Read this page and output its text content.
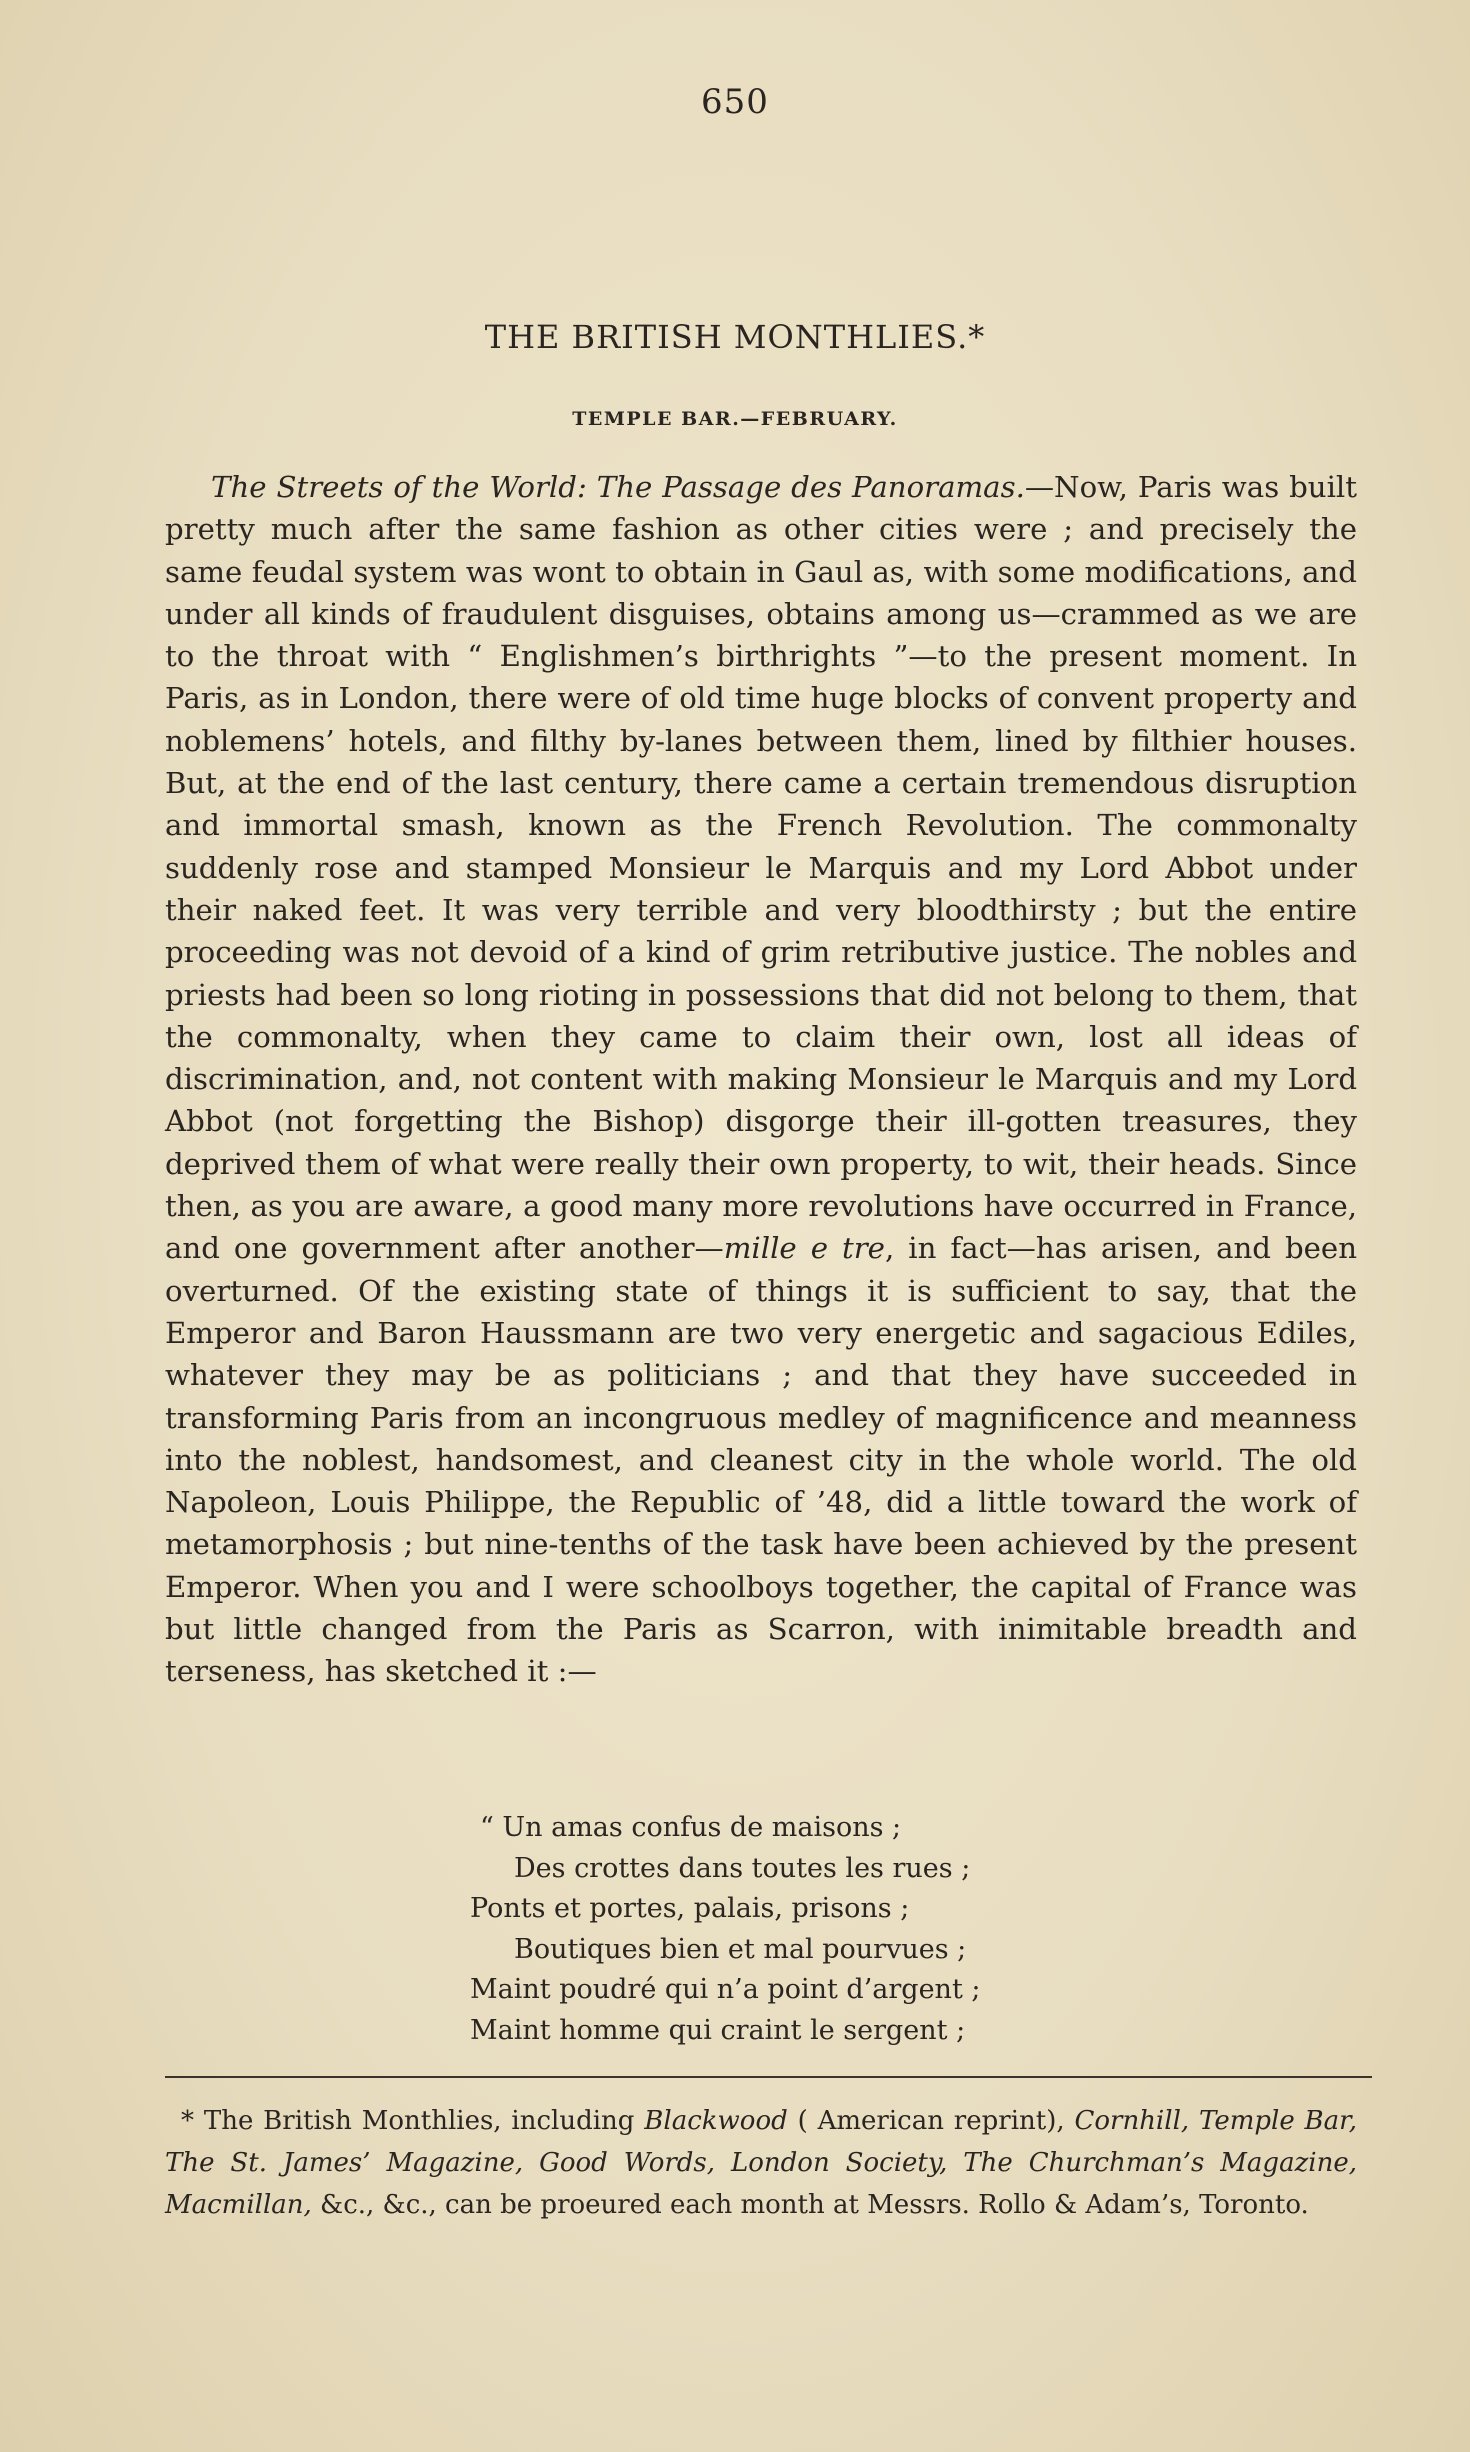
650
THE BRITISH MONTHLIES.*
TEMPLE BAR.—FEBRUARY.

The Streets of the World: The Passage des Panoramas.—Now, Paris was built pretty much after the same fashion as other cities were ; and precisely the same feudal system was wont to obtain in Gaul as, with some modifications, and under all kinds of fraudulent disguises, obtains among us—crammed as we are to the throat with “ Englishmen’s birthrights ”—to the present moment. In Paris, as in London, there were of old time huge blocks of convent property and noblemens’ hotels, and filthy by-lanes between them, lined by filthier houses. But, at the end of the last century, there came a certain tremendous disruption and immortal smash, known as the French Revolution. The commonalty suddenly rose and stamped Monsieur le Marquis and my Lord Abbot under their naked feet. It was very terrible and very bloodthirsty ; but the entire proceeding was not devoid of a kind of grim retributive justice. The nobles and priests had been so long rioting in possessions that did not belong to them, that the commonalty, when they came to claim their own, lost all ideas of discrimination, and, not content with making Monsieur le Marquis and my Lord Abbot (not forgetting the Bishop) disgorge their ill-gotten treasures, they deprived them of what were really their own property, to wit, their heads. Since then, as you are aware, a good many more revolutions have occurred in France, and one government after another—mille e tre, in fact—has arisen, and been overturned. Of the existing state of things it is sufficient to say, that the Emperor and Baron Haussmann are two very energetic and sagacious Ediles, whatever they may be as politicians ; and that they have succeeded in transforming Paris from an incongruous medley of magnificence and meanness into the noblest, handsomest, and cleanest city in the whole world. The old Napoleon, Louis Philippe, the Republic of ’48, did a little toward the work of metamorphosis ; but nine-tenths of the task have been achieved by the present Emperor. When you and I were schoolboys together, the capital of France was but little changed from the Paris as Scarron, with inimitable breadth and terseness, has sketched it :—

“ Un amas confus de maisons ;
Des crottes dans toutes les rues ;
Ponts et portes, palais, prisons ;
Boutiques bien et mal pourvues ;
Maint poudré qui n’a point d’argent ;
Maint homme qui craint le sergent ;

* The British Monthlies, including Blackwood ( American reprint), Cornhill, Temple Bar, The St. James’ Magazine, Good Words, London Society, The Churchman’s Magazine, Macmillan, &c., &c., can be proeured each month at Messrs. Rollo & Adam’s, Toronto.
